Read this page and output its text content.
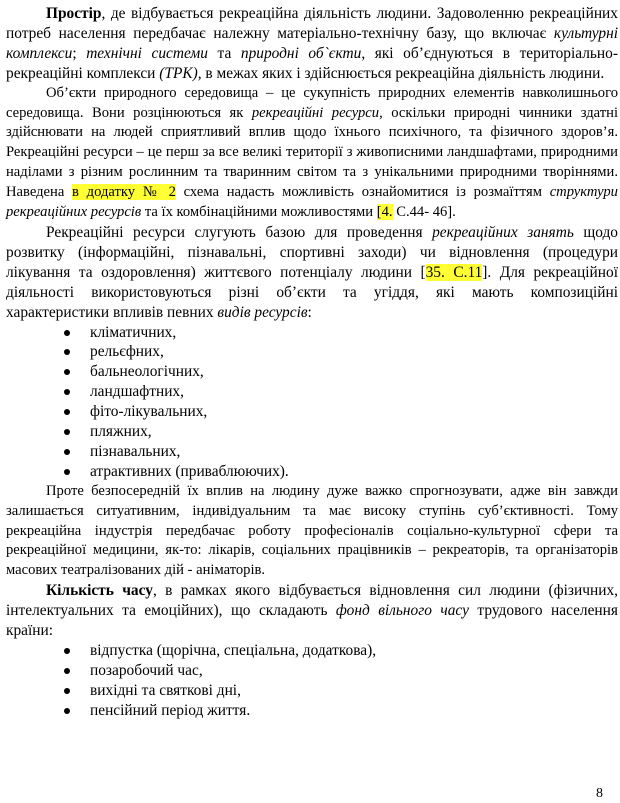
Простір, де відбувається рекреаційна діяльність людини. Задоволенню рекреаційних потреб населення передбачає належну матеріально-технічну базу, що включає культурні комплекси; технічні системи та природні об`єкти, які об’єднуються в територіально-рекреаційні комплекси (ТРК), в межах яких і здійснюється рекреаційна діяльність людини.

Об’єкти природного середовища – це сукупність природних елементів навколишнього середовища. Вони розцінюються як рекреаційні ресурси, оскільки природні чинники здатні здійснювати на людей сприятливий вплив щодо їхнього психічного, та фізичного здоров’я. Рекреаційні ресурси – це перш за все великі території з живописними ландшафтами, природними наділами з різним рослинним та тваринним світом та з унікальними природними творіннями. Наведена в додатку № 2 схема надасть можливість ознайомитися із розмаїттям структури рекреаційних ресурсів та їх комбінаційними можливостями [4. С.44- 46].

Рекреаційні ресурси слугують базою для проведення рекреаційних занять щодо розвитку (інформаційні, пізнавальні, спортивні заходи) чи відновлення (процедури лікування та оздоровлення) життєвого потенціалу людини [35. С.11]. Для рекреаційної діяльності використовуються різні об’єкти та угіддя, які мають композиційні характеристики впливів певних видів ресурсів:

кліматичних,
рельєфних,
бальнеологічних,
ландшафтних,
фіто-лікувальних,
пляжних,
пізнавальних,
атрактивних (приваблюючих).

Проте безпосередній їх вплив на людину дуже важко спрогнозувати, адже він завжди залишається ситуативним, індивідуальним та має високу ступінь суб’єктивності. Тому рекреаційна індустрія передбачає роботу професіоналів соціально-культурної сфери та рекреаційної медицини, як-то: лікарів, соціальних працівників – рекреаторів, та організаторів масових театралізованих дій - аніматорів.

Кількість часу, в рамках якого відбувається відновлення сил людини (фізичних, інтелектуальних та емоційних), що складають фонд вільного часу трудового населення країни:

відпустка (щорічна, спеціальна, додаткова),
позаробочий час,
вихідні та святкові дні,
пенсійний період життя.
8
